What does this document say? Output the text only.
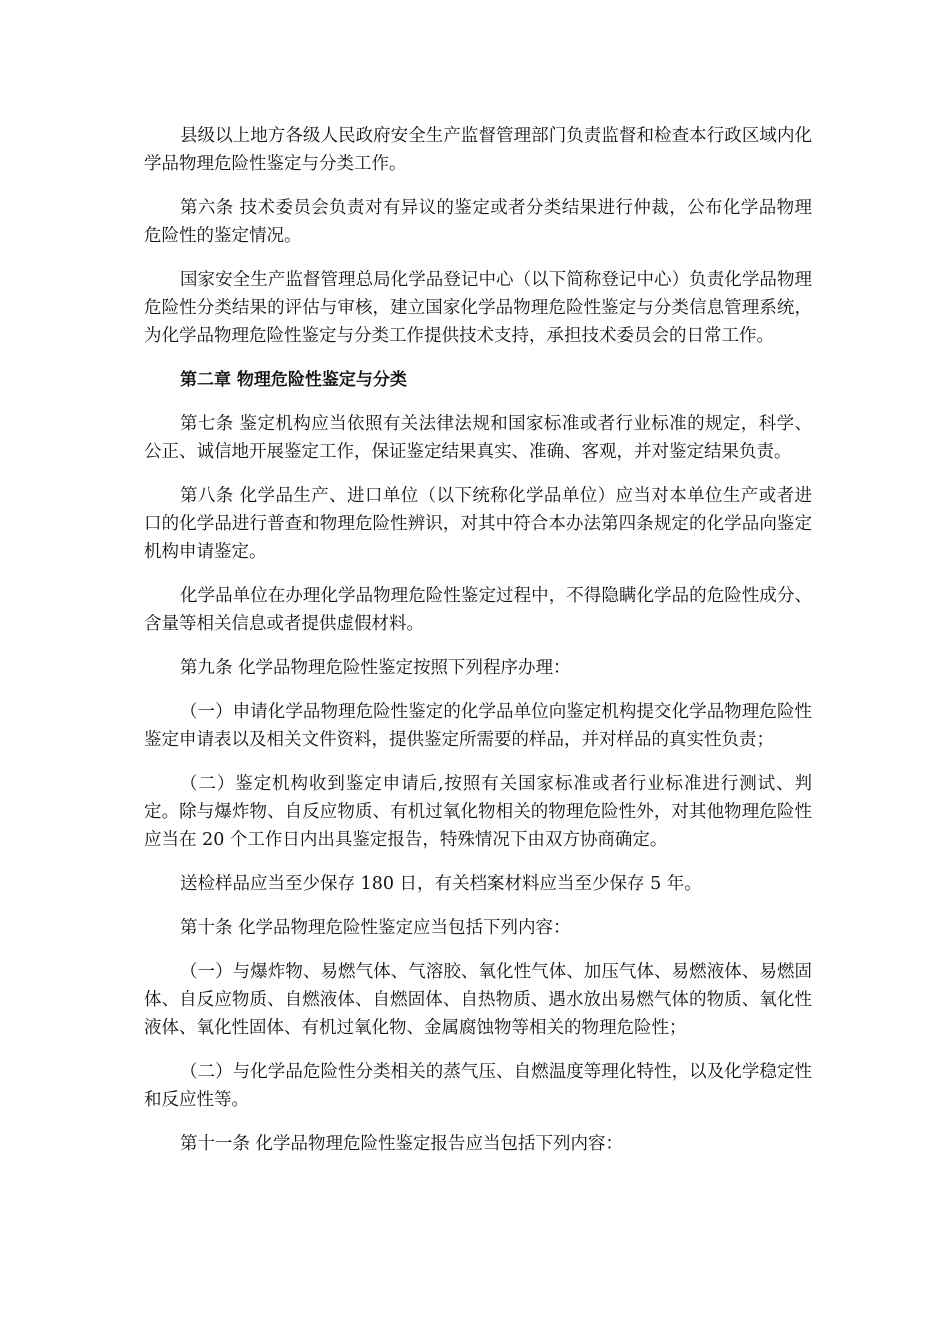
县级以上地方各级人民政府安全生产监督管理部门负责监督和检查本行政区域内化学品物理危险性鉴定与分类工作。

第六条 技术委员会负责对有异议的鉴定或者分类结果进行仲裁，公布化学品物理危险性的鉴定情况。

国家安全生产监督管理总局化学品登记中心（以下简称登记中心）负责化学品物理危险性分类结果的评估与审核，建立国家化学品物理危险性鉴定与分类信息管理系统，为化学品物理危险性鉴定与分类工作提供技术支持，承担技术委员会的日常工作。

第二章 物理危险性鉴定与分类

第七条 鉴定机构应当依照有关法律法规和国家标准或者行业标准的规定，科学、公正、诚信地开展鉴定工作，保证鉴定结果真实、准确、客观，并对鉴定结果负责。

第八条 化学品生产、进口单位（以下统称化学品单位）应当对本单位生产或者进口的化学品进行普查和物理危险性辨识，对其中符合本办法第四条规定的化学品向鉴定机构申请鉴定。

化学品单位在办理化学品物理危险性鉴定过程中，不得隐瞒化学品的危险性成分、含量等相关信息或者提供虚假材料。

第九条 化学品物理危险性鉴定按照下列程序办理：

（一）申请化学品物理危险性鉴定的化学品单位向鉴定机构提交化学品物理危险性鉴定申请表以及相关文件资料，提供鉴定所需要的样品，并对样品的真实性负责；

（二）鉴定机构收到鉴定申请后,按照有关国家标准或者行业标准进行测试、判定。除与爆炸物、自反应物质、有机过氧化物相关的物理危险性外，对其他物理危险性应当在 20 个工作日内出具鉴定报告，特殊情况下由双方协商确定。

送检样品应当至少保存 180 日，有关档案材料应当至少保存 5 年。

第十条 化学品物理危险性鉴定应当包括下列内容：

（一）与爆炸物、易燃气体、气溶胶、氧化性气体、加压气体、易燃液体、易燃固体、自反应物质、自燃液体、自燃固体、自热物质、遇水放出易燃气体的物质、氧化性液体、氧化性固体、有机过氧化物、金属腐蚀物等相关的物理危险性；

（二）与化学品危险性分类相关的蒸气压、自燃温度等理化特性，以及化学稳定性和反应性等。

第十一条 化学品物理危险性鉴定报告应当包括下列内容：
